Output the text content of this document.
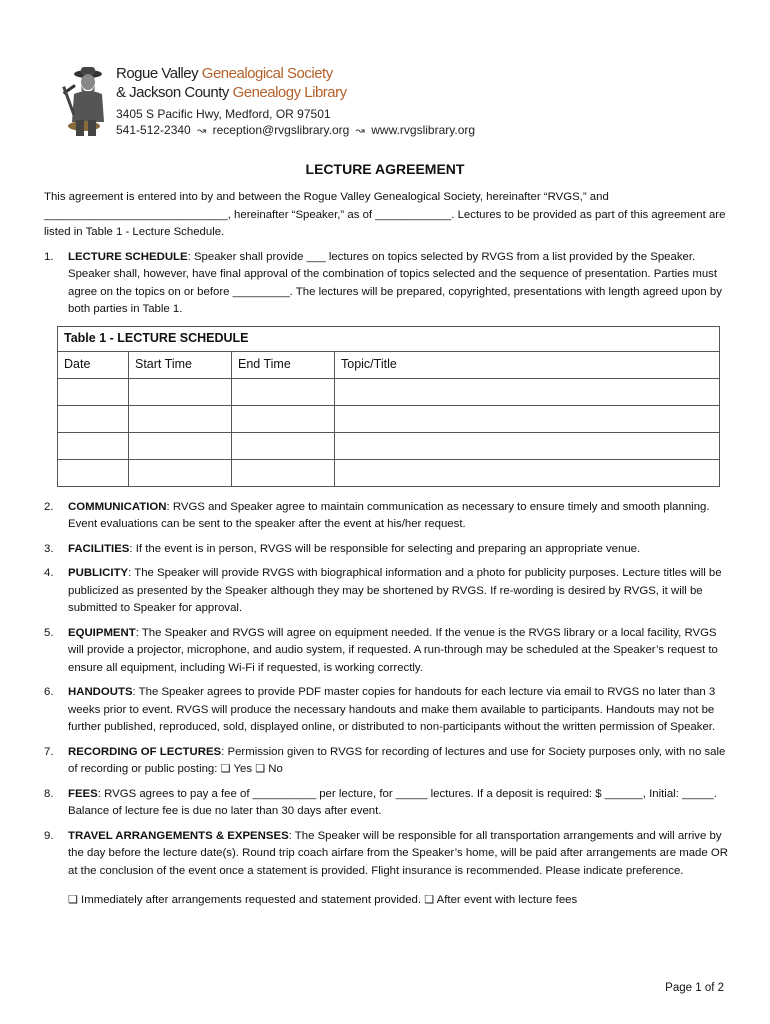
Rogue Valley Genealogical Society
& Jackson County Genealogy Library
3405 S Pacific Hwy, Medford, OR 97501
541-512-2340 ↝ reception@rvgslibrary.org ↝ www.rvgslibrary.org
LECTURE AGREEMENT

This agreement is entered into by and between the Rogue Valley Genealogical Society, hereinafter “RVGS,” and _____________________________, hereinafter “Speaker,” as of ____________. Lectures to be provided as part of this agreement are listed in Table 1 - Lecture Schedule.

1.	LECTURE SCHEDULE: Speaker shall provide ___ lectures on topics selected by RVGS from a list provided by the Speaker. Speaker shall, however, have final approval of the combination of topics selected and the sequence of presentation. Parties must agree on the topics on or before _________. The lectures will be prepared, copyrighted, presentations with length agreed upon by both parties in Table 1.
Table 1 - LECTURE SCHEDULE			
Date	Start Time	End Time	Topic/Title

2.	COMMUNICATION: RVGS and Speaker agree to maintain communication as necessary to ensure timely and smooth planning. Event evaluations can be sent to the speaker after the event at his/her request.
3.	FACILITIES: If the event is in person, RVGS will be responsible for selecting and preparing an appropriate venue.
4.	PUBLICITY: The Speaker will provide RVGS with biographical information and a photo for publicity purposes. Lecture titles will be publicized as presented by the Speaker although they may be shortened by RVGS. If re-wording is desired by RVGS, it will be submitted to Speaker for approval.
5.	EQUIPMENT: The Speaker and RVGS will agree on equipment needed. If the venue is the RVGS library or a local facility, RVGS will provide a projector, microphone, and audio system, if requested. A run-through may be scheduled at the Speaker’s request to ensure all equipment, including Wi-Fi if requested, is working correctly.
6.	HANDOUTS: The Speaker agrees to provide PDF master copies for handouts for each lecture via email to RVGS no later than 3 weeks prior to event. RVGS will produce the necessary handouts and make them available to participants. Handouts may not be further published, reproduced, sold, displayed online, or distributed to non-participants without the written permission of Speaker.
7.	RECORDING OF LECTURES: Permission given to RVGS for recording of lectures and use for Society purposes only, with no sale of recording or public posting: ❏ Yes ❏ No
8.	FEES: RVGS agrees to pay a fee of __________ per lecture, for _____ lectures. If a deposit is required: $ ______, Initial: _____. Balance of lecture fee is due no later than 30 days after event.
9.	TRAVEL ARRANGEMENTS & EXPENSES: The Speaker will be responsible for all transportation arrangements and will arrive by the day before the lecture date(s). Round trip coach airfare from the Speaker’s home, will be paid after arrangements are made OR at the conclusion of the event once a statement is provided. Flight insurance is recommended. Please indicate preference.
❏ Immediately after arrangements requested and statement provided. ❏ After event with lecture fees
Page 1 of 2
